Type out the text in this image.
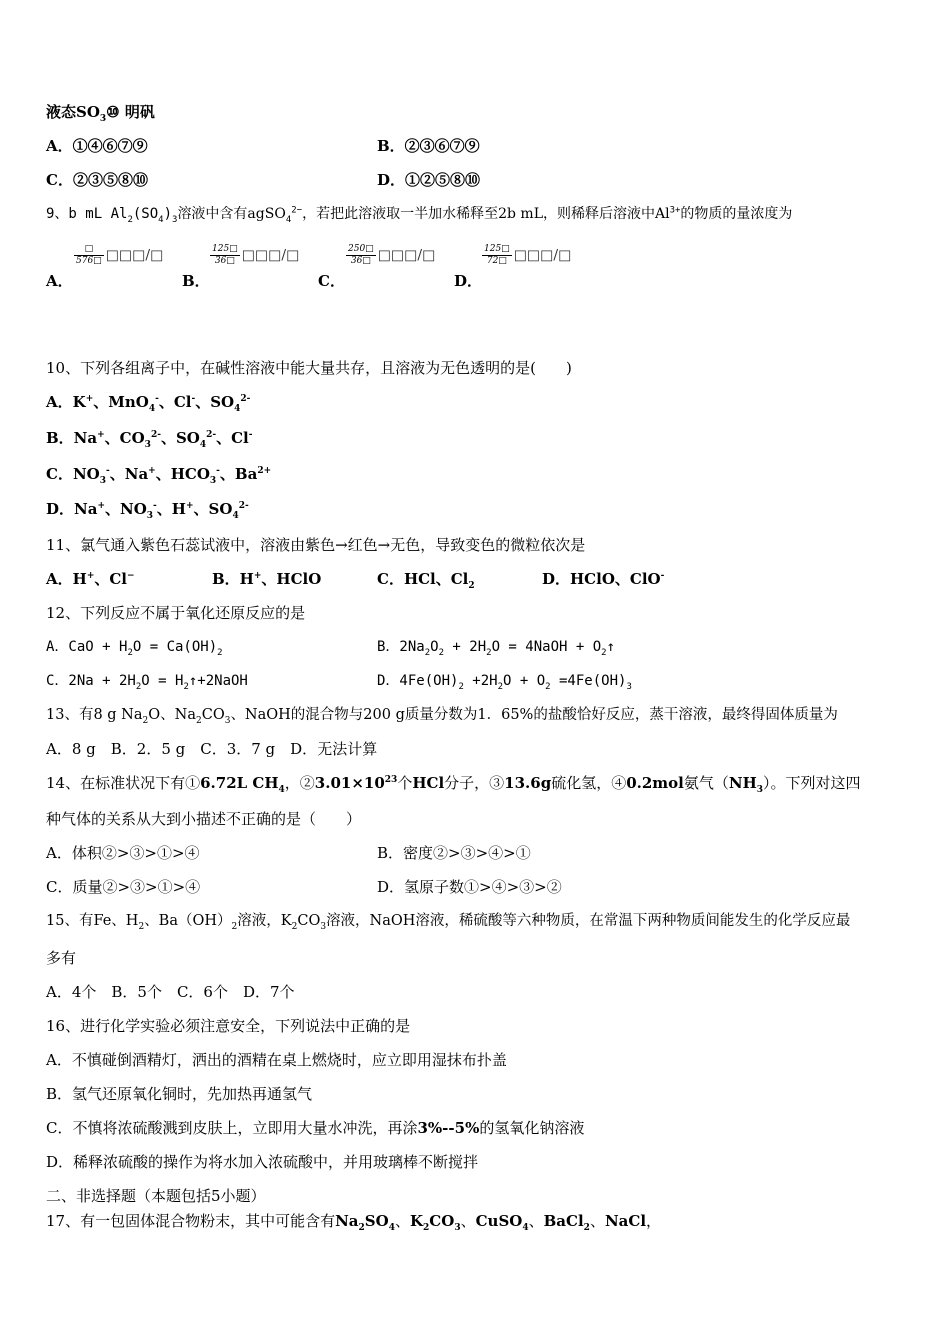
液态$SO_3⑩$ 明矾
A．①④⑥⑦⑨	B．②③⑥⑦⑨
C．②③⑤⑧⑩	D．①②⑤⑧⑩
9、b mL $Al_2(SO_4)_3$溶液中含有agSO$_4^{2-}$，若把此溶液取一半加水稀释至2b mL，则稀释后溶液中$Al^{3+}$的物质的量浓度为
A．
$\frac{□}{576□}$ □□□/□
B．
$\frac{125□}{36□}$ □□□/□
C．
$\frac{250□}{36□}$ □□□/□
D．
$\frac{125□}{72□}$ □□□/□
10、下列各组离子中，在碱性溶液中能大量共存，且溶液为无色透明的是(　　)
A．K+、MnO$_4$-、Cl-、$SO_4^{2-}$
B．Na+、$CO_3^{2-}$、$SO_4^{2-}$、Cl-
C．$NO_3^-$、Na+、$HCO_3^-$、$Ba^{2+}$
D．Na+、$NO_3^-$、H+、$SO_4^{2-}$
11、氯气通入紫色石蕊试液中，溶液由紫色→红色→无色，导致变色的微粒依次是
A．H+、Cl−	B．H+、HClO	C．HCl、$Cl_2$	D．HClO、ClO-
12、下列反应不属于氧化还原反应的是
A．CaO + $H_2O = Ca(OH)_2$	B．$2Na_2O_2 + 2H_2O$ = 4NaOH + $O_2↑$
C．$2Na + 2H_2O$ = $H_2↑+2NaOH$	D．$4Fe(OH)_2 +2H_2O + O_2 =4Fe(OH)_3$
13、有8 g $Na_2O$、$Na_2CO_3$、NaOH的混合物与200 g质量分数为1．65%的盐酸恰好反应，蒸干溶液，最终得固体质量为
A．8 g　B．2．5 g　C．3．7 g　D．无法计算
14、在标准状况下有①6.72L $CH_4$，$②3.01\times 10^{23}$个HCl分子，③13.6g硫化氢，④0.2mol氨气$(NH_3)$。下列对这四
种气体的关系从大到小描述不正确的是（　　）
A．体积②>③>①>④	B．密度②>③>④>①
C．质量②>③>①>④	D．氢原子数①>④>③>②
15、有Fe、$H_2$、$Ba(OH)_2$溶液，$K_2CO_3$溶液，NaOH溶液，稀硫酸等六种物质，在常温下两种物质间能发生的化学反应最
多有
A．4个　B．5个　C．6个　D．7个
16、进行化学实验必须注意安全，下列说法中正确的是
A．不慎碰倒酒精灯，洒出的酒精在桌上燃烧时，应立即用湿抹布扑盖
B．氢气还原氧化铜时，先加热再通氢气
C．不慎将浓硫酸溅到皮肤上，立即用大量水冲洗，再涂3%--5%的氢氧化钠溶液
D．稀释浓硫酸的操作为将水加入浓硫酸中，并用玻璃棒不断搅拌
二、非选择题（本题包括5小题）
17、有一包固体混合物粉末，其中可能含有$Na_2SO_4$、$K_2CO_3$、CuSO$_4$、BaCl$_2$、NaCl，
